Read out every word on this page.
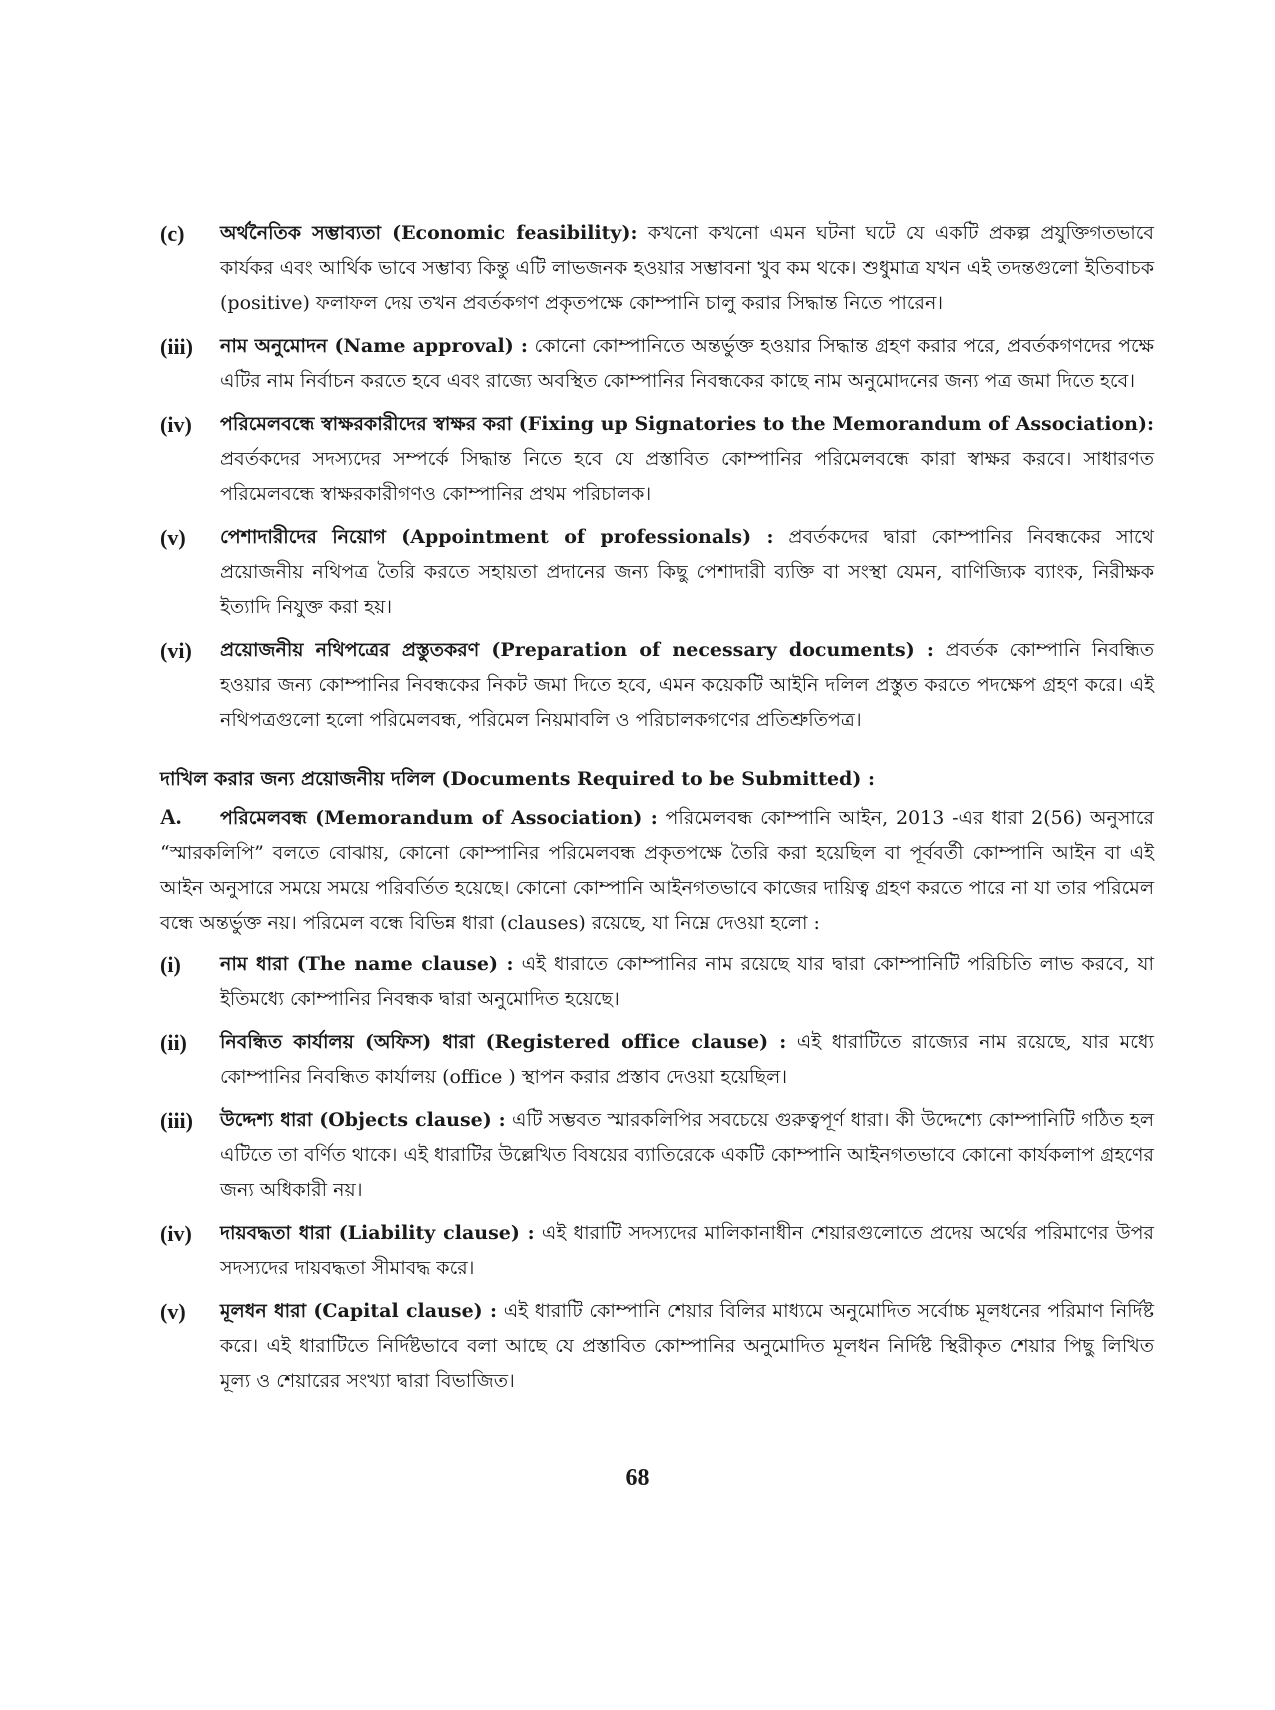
(c) অর্থনৈতিক সম্ভাব্যতা (Economic feasibility): কখনো কখনো এমন ঘটনা ঘটে যে একটি প্রকল্প প্রযুক্তিগতভাবে কার্যকর এবং আর্থিক ভাবে সম্ভাব্য কিন্তু এটি লাভজনক হওয়ার সম্ভাবনা খুব কম থকে। শুধুমাত্র যখন এই তদন্তগুলো ইতিবাচক (positive) ফলাফল দেয় তখন প্রবর্তকগণ প্রকৃতপক্ষে কোম্পানি চালু করার সিদ্ধান্ত নিতে পারেন।
(iii) নাম অনুমোদন (Name approval) : কোনো কোম্পানিতে অন্তর্ভুক্ত হওয়ার সিদ্ধান্ত গ্রহণ করার পরে, প্রবর্তকগণদের পক্ষে এটির নাম নির্বাচন করতে হবে এবং রাজ্যে অবস্থিত কোম্পানির নিবন্ধকের কাছে নাম অনুমোদনের জন্য পত্র জমা দিতে হবে।
(iv) পরিমেলবন্ধে স্বাক্ষরকারীদের স্বাক্ষর করা (Fixing up Signatories to the Memorandum of Association): প্রবর্তকদের সদস্যদের সম্পর্কে সিদ্ধান্ত নিতে হবে যে প্রস্তাবিত কোম্পানির পরিমেলবন্ধে কারা স্বাক্ষর করবে। সাধারণত পরিমেলবন্ধে স্বাক্ষরকারীগণও কোম্পানির প্রথম পরিচালক।
(v) পেশাদারীদের নিয়োগ (Appointment of professionals) : প্রবর্তকদের দ্বারা কোম্পানির নিবন্ধকের সাথে প্রয়োজনীয় নথিপত্র তৈরি করতে সহায়তা প্রদানের জন্য কিছু পেশাদারী ব্যক্তি বা সংস্থা যেমন, বাণিজ্যিক ব্যাংক, নিরীক্ষক ইত্যাদি নিযুক্ত করা হয়।
(vi) প্রয়োজনীয় নথিপত্রের প্রস্তুতকরণ (Preparation of necessary documents) : প্রবর্তক কোম্পানি নিবন্ধিত হওয়ার জন্য কোম্পানির নিবন্ধকের নিকট জমা দিতে হবে, এমন কয়েকটি আইনি দলিল প্রস্তুত করতে পদক্ষেপ গ্রহণ করে। এই নথিপত্রগুলো হলো পরিমেলবন্ধ, পরিমেল নিয়মাবলি ও পরিচালকগণের প্রতিশ্রুতিপত্র।
দাখিল করার জন্য প্রয়োজনীয় দলিল (Documents Required to be Submitted) :
A. পরিমেলবন্ধ (Memorandum of Association) : পরিমেলবন্ধ কোম্পানি আইন, 2013 -এর ধারা 2(56) অনুসারে “স্মারকলিপি” বলতে বোঝায়, কোনো কোম্পানির পরিমেলবন্ধ প্রকৃতপক্ষে তৈরি করা হয়েছিল বা পূর্ববর্তী কোম্পানি আইন বা এই আইন অনুসারে সময়ে সময়ে পরিবর্তিত হয়েছে। কোনো কোম্পানি আইনগতভাবে কাজের দায়িত্ব গ্রহণ করতে পারে না যা তার পরিমেল বন্ধে অন্তর্ভুক্ত নয়। পরিমেল বন্ধে বিভিন্ন ধারা (clauses) রয়েছে, যা নিম্নে দেওয়া হলো :
(i) নাম ধারা (The name clause) : এই ধারাতে কোম্পানির নাম রয়েছে যার দ্বারা কোম্পানিটি পরিচিতি লাভ করবে, যা ইতিমধ্যে কোম্পানির নিবন্ধক দ্বারা অনুমোদিত হয়েছে।
(ii) নিবন্ধিত কার্যালয় (অফিস) ধারা (Registered office clause) : এই ধারাটিতে রাজ্যের নাম রয়েছে, যার মধ্যে কোম্পানির নিবন্ধিত কার্যালয় (office ) স্থাপন করার প্রস্তাব দেওয়া হয়েছিল।
(iii) উদ্দেশ্য ধারা (Objects clause) : এটি সম্ভবত স্মারকলিপির সবচেয়ে গুরুত্বপূর্ণ ধারা। কী উদ্দেশ্যে কোম্পানিটি গঠিত হল এটিতে তা বর্ণিত থাকে। এই ধারাটির উল্লেখিত বিষয়ের ব্যাতিরেকে একটি কোম্পানি আইনগতভাবে কোনো কার্যকলাপ গ্রহণের জন্য অধিকারী নয়।
(iv) দায়বদ্ধতা ধারা (Liability clause) : এই ধারাটি সদস্যদের মালিকানাধীন শেয়ারগুলোতে প্রদেয় অর্থের পরিমাণের উপর সদস্যদের দায়বদ্ধতা সীমাবদ্ধ করে।
(v) মূলধন ধারা (Capital clause) : এই ধারাটি কোম্পানি শেয়ার বিলির মাধ্যমে অনুমোদিত সর্বোচ্চ মূলধনের পরিমাণ নির্দিষ্ট করে। এই ধারাটিতে নির্দিষ্টভাবে বলা আছে যে প্রস্তাবিত কোম্পানির অনুমোদিত মূলধন নির্দিষ্ট স্থিরীকৃত শেয়ার পিছু লিখিত মূল্য ও শেয়ারের সংখ্যা দ্বারা বিভাজিত।
68
